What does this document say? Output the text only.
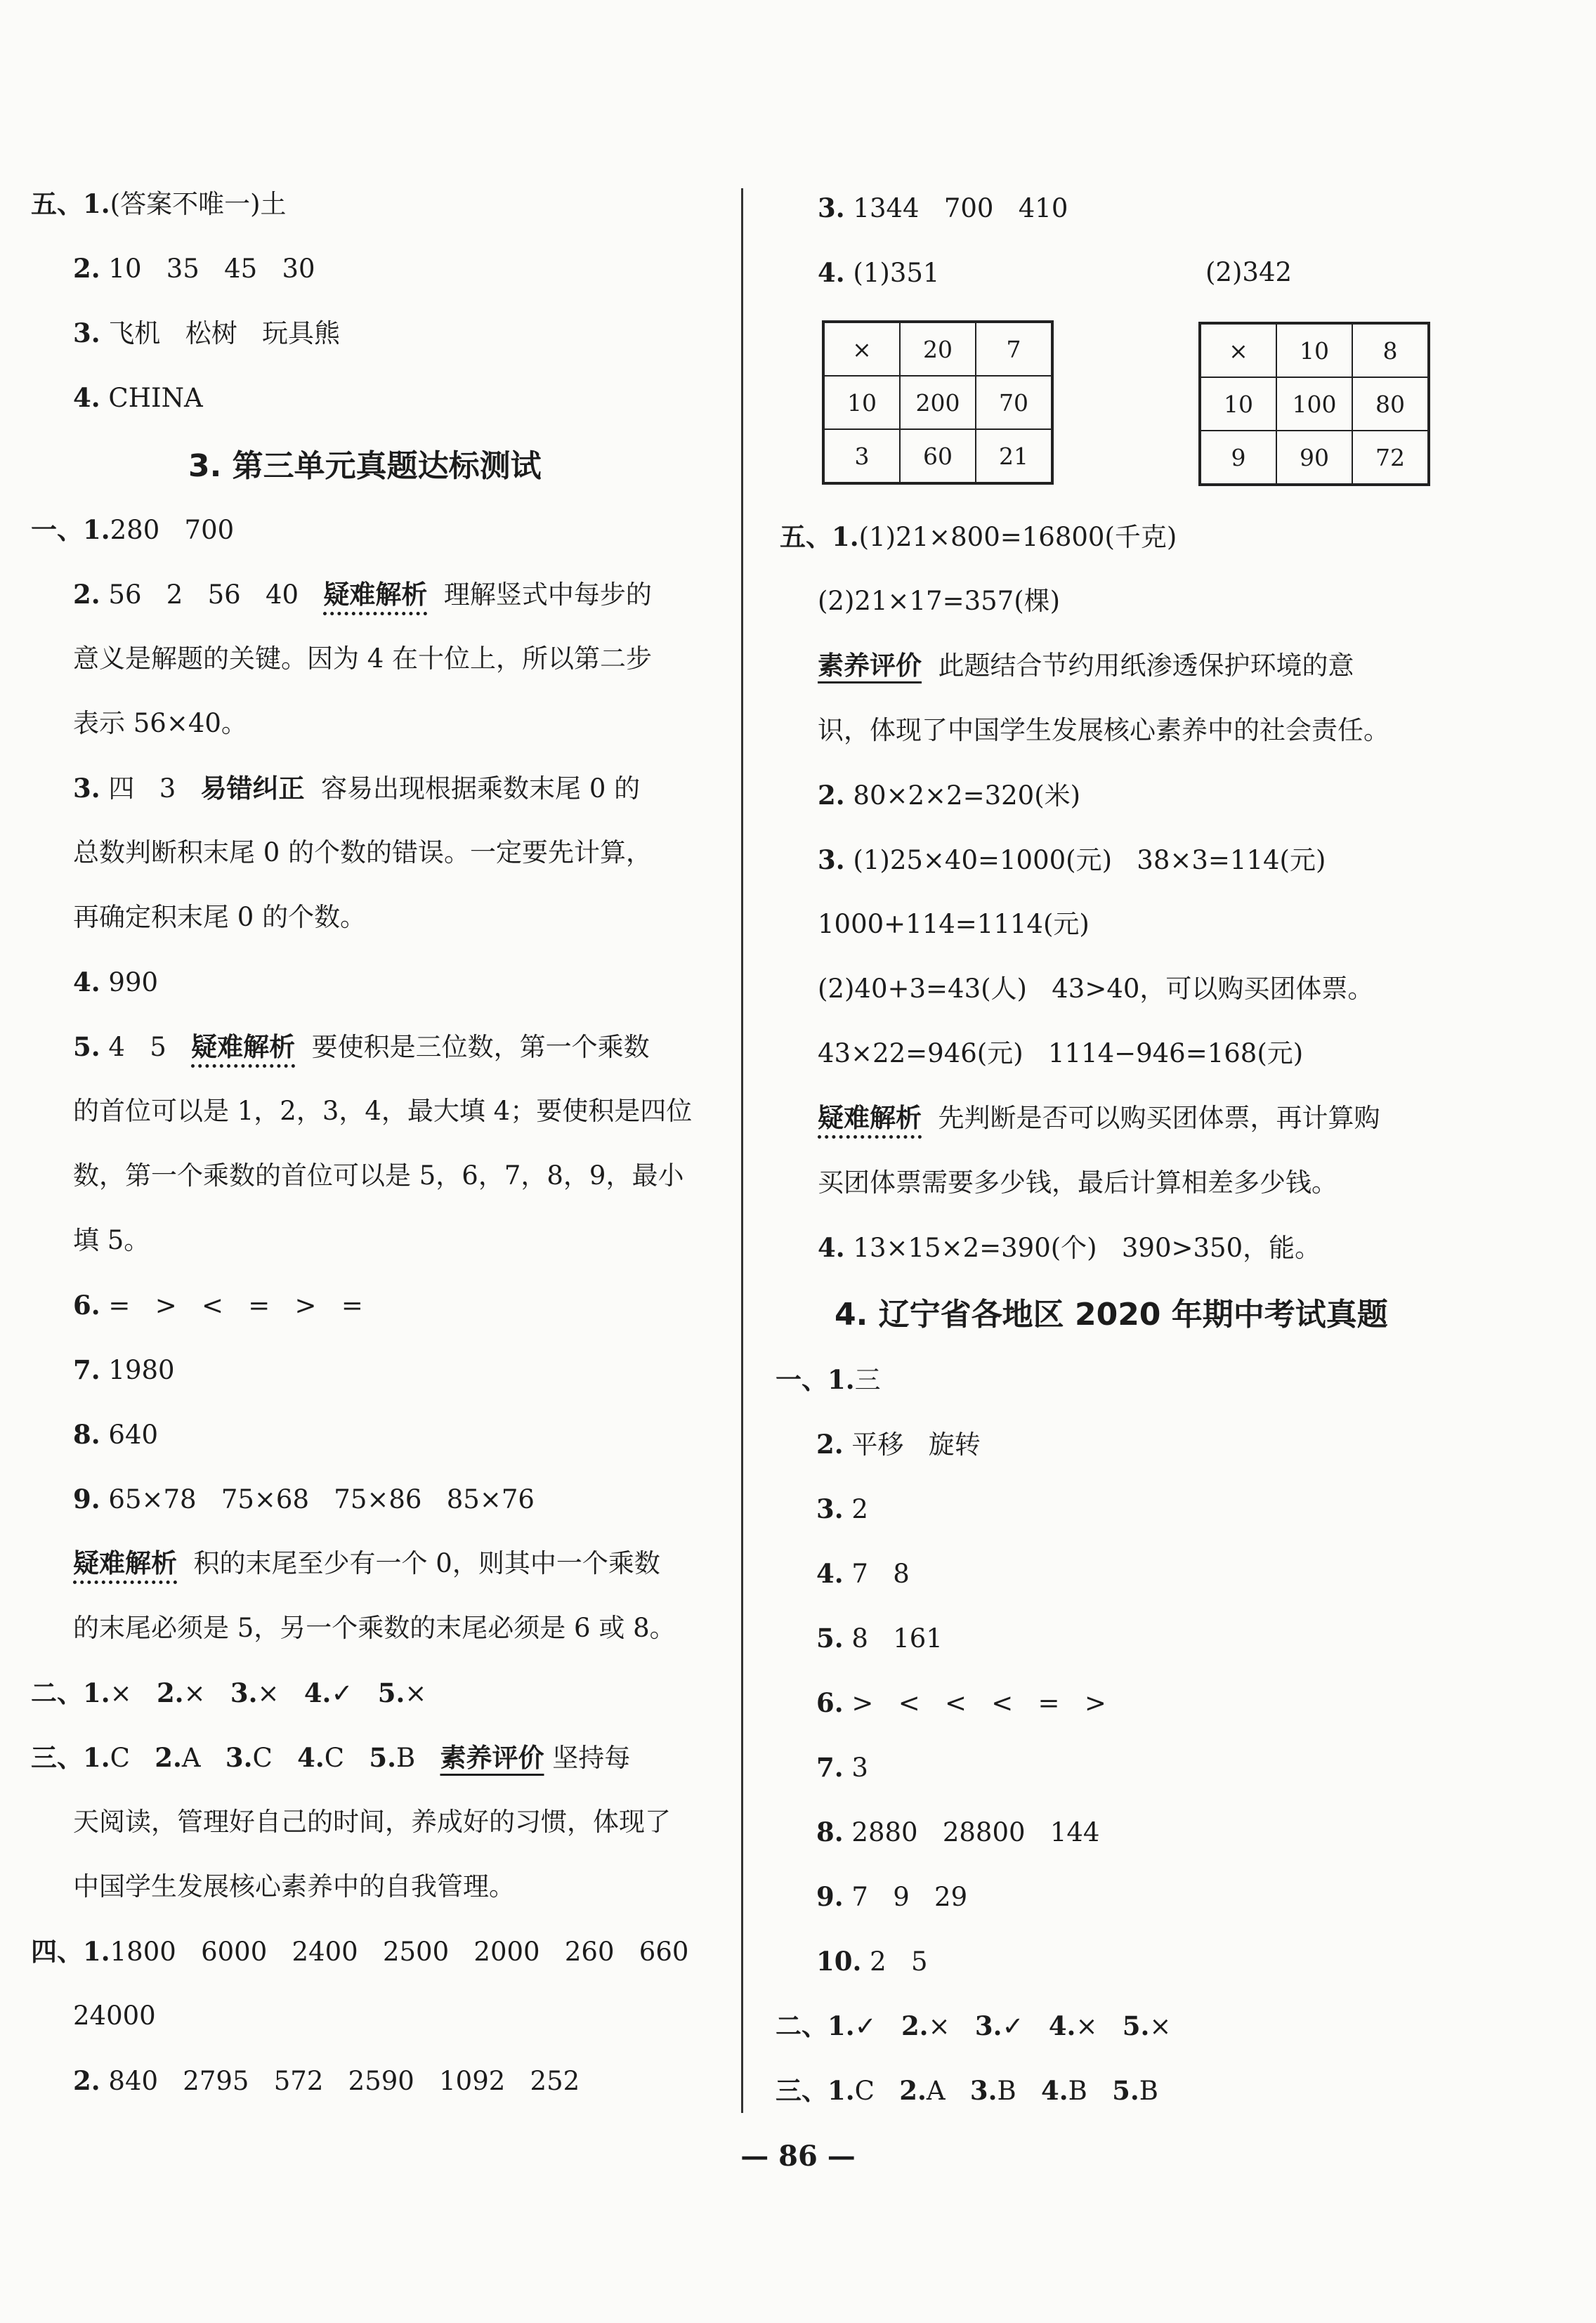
五、1.(答案不唯一)土
2. 10   35   45   30
3. 飞机   松树   玩具熊
4. CHINA
3. 第三单元真题达标测试
一、1.280   700
2. 56   2   56   40 疑难解析 理解竖式中每步的
意义是解题的关键。因为 4 在十位上，所以第二步
表示 56×40。
3. 四   3 易错纠正 容易出现根据乘数末尾 0 的
总数判断积末尾 0 的个数的错误。一定要先计算，
再确定积末尾 0 的个数。
4. 990
5. 4   5 疑难解析 要使积是三位数，第一个乘数
的首位可以是 1，2，3，4，最大填 4；要使积是四位
数，第一个乘数的首位可以是 5，6，7，8，9，最小
填 5。
6. =   >   <   =   >   =
7. 1980
8. 640
9. 65×78   75×68   75×86   85×76
疑难解析 积的末尾至少有一个 0，则其中一个乘数
的末尾必须是 5，另一个乘数的末尾必须是 6 或 8。
二、1.×   2.×   3.×   4.✓   5.×
三、1.C   2.A   3.C   4.C   5.B   素养评价 坚持每
天阅读，管理好自己的时间，养成好的习惯，体现了
中国学生发展核心素养中的自我管理。
四、1.1800   6000   2400   2500   2000   260   660
24000
2. 840   2795   572   2590   1092   252
3. 1344   700   410
4. (1)351	(2)342
×	20	7
10	200	70
3	60	21
×	10	8
10	100	80
9	90	72
五、1.(1)21×800=16800(千克)
(2)21×17=357(棵)
素养评价 此题结合节约用纸渗透保护环境的意
识，体现了中国学生发展核心素养中的社会责任。
2. 80×2×2=320(米)
3. (1)25×40=1000(元)   38×3=114(元)
1000+114=1114(元)
(2)40+3=43(人)   43>40，可以购买团体票。
43×22=946(元)   1114−946=168(元)
疑难解析 先判断是否可以购买团体票，再计算购
买团体票需要多少钱，最后计算相差多少钱。
4. 13×15×2=390(个)   390>350，能。
4. 辽宁省各地区 2020 年期中考试真题
一、1.三
2. 平移   旋转
3. 2
4. 7   8
5. 8   161
6. >   <   <   <   =   >
7. 3
8. 2880   28800   144
9. 7   9   29
10. 2   5
二、1.✓   2.×   3.✓   4.×   5.×
三、1.C   2.A   3.B   4.B   5.B
— 86 —
